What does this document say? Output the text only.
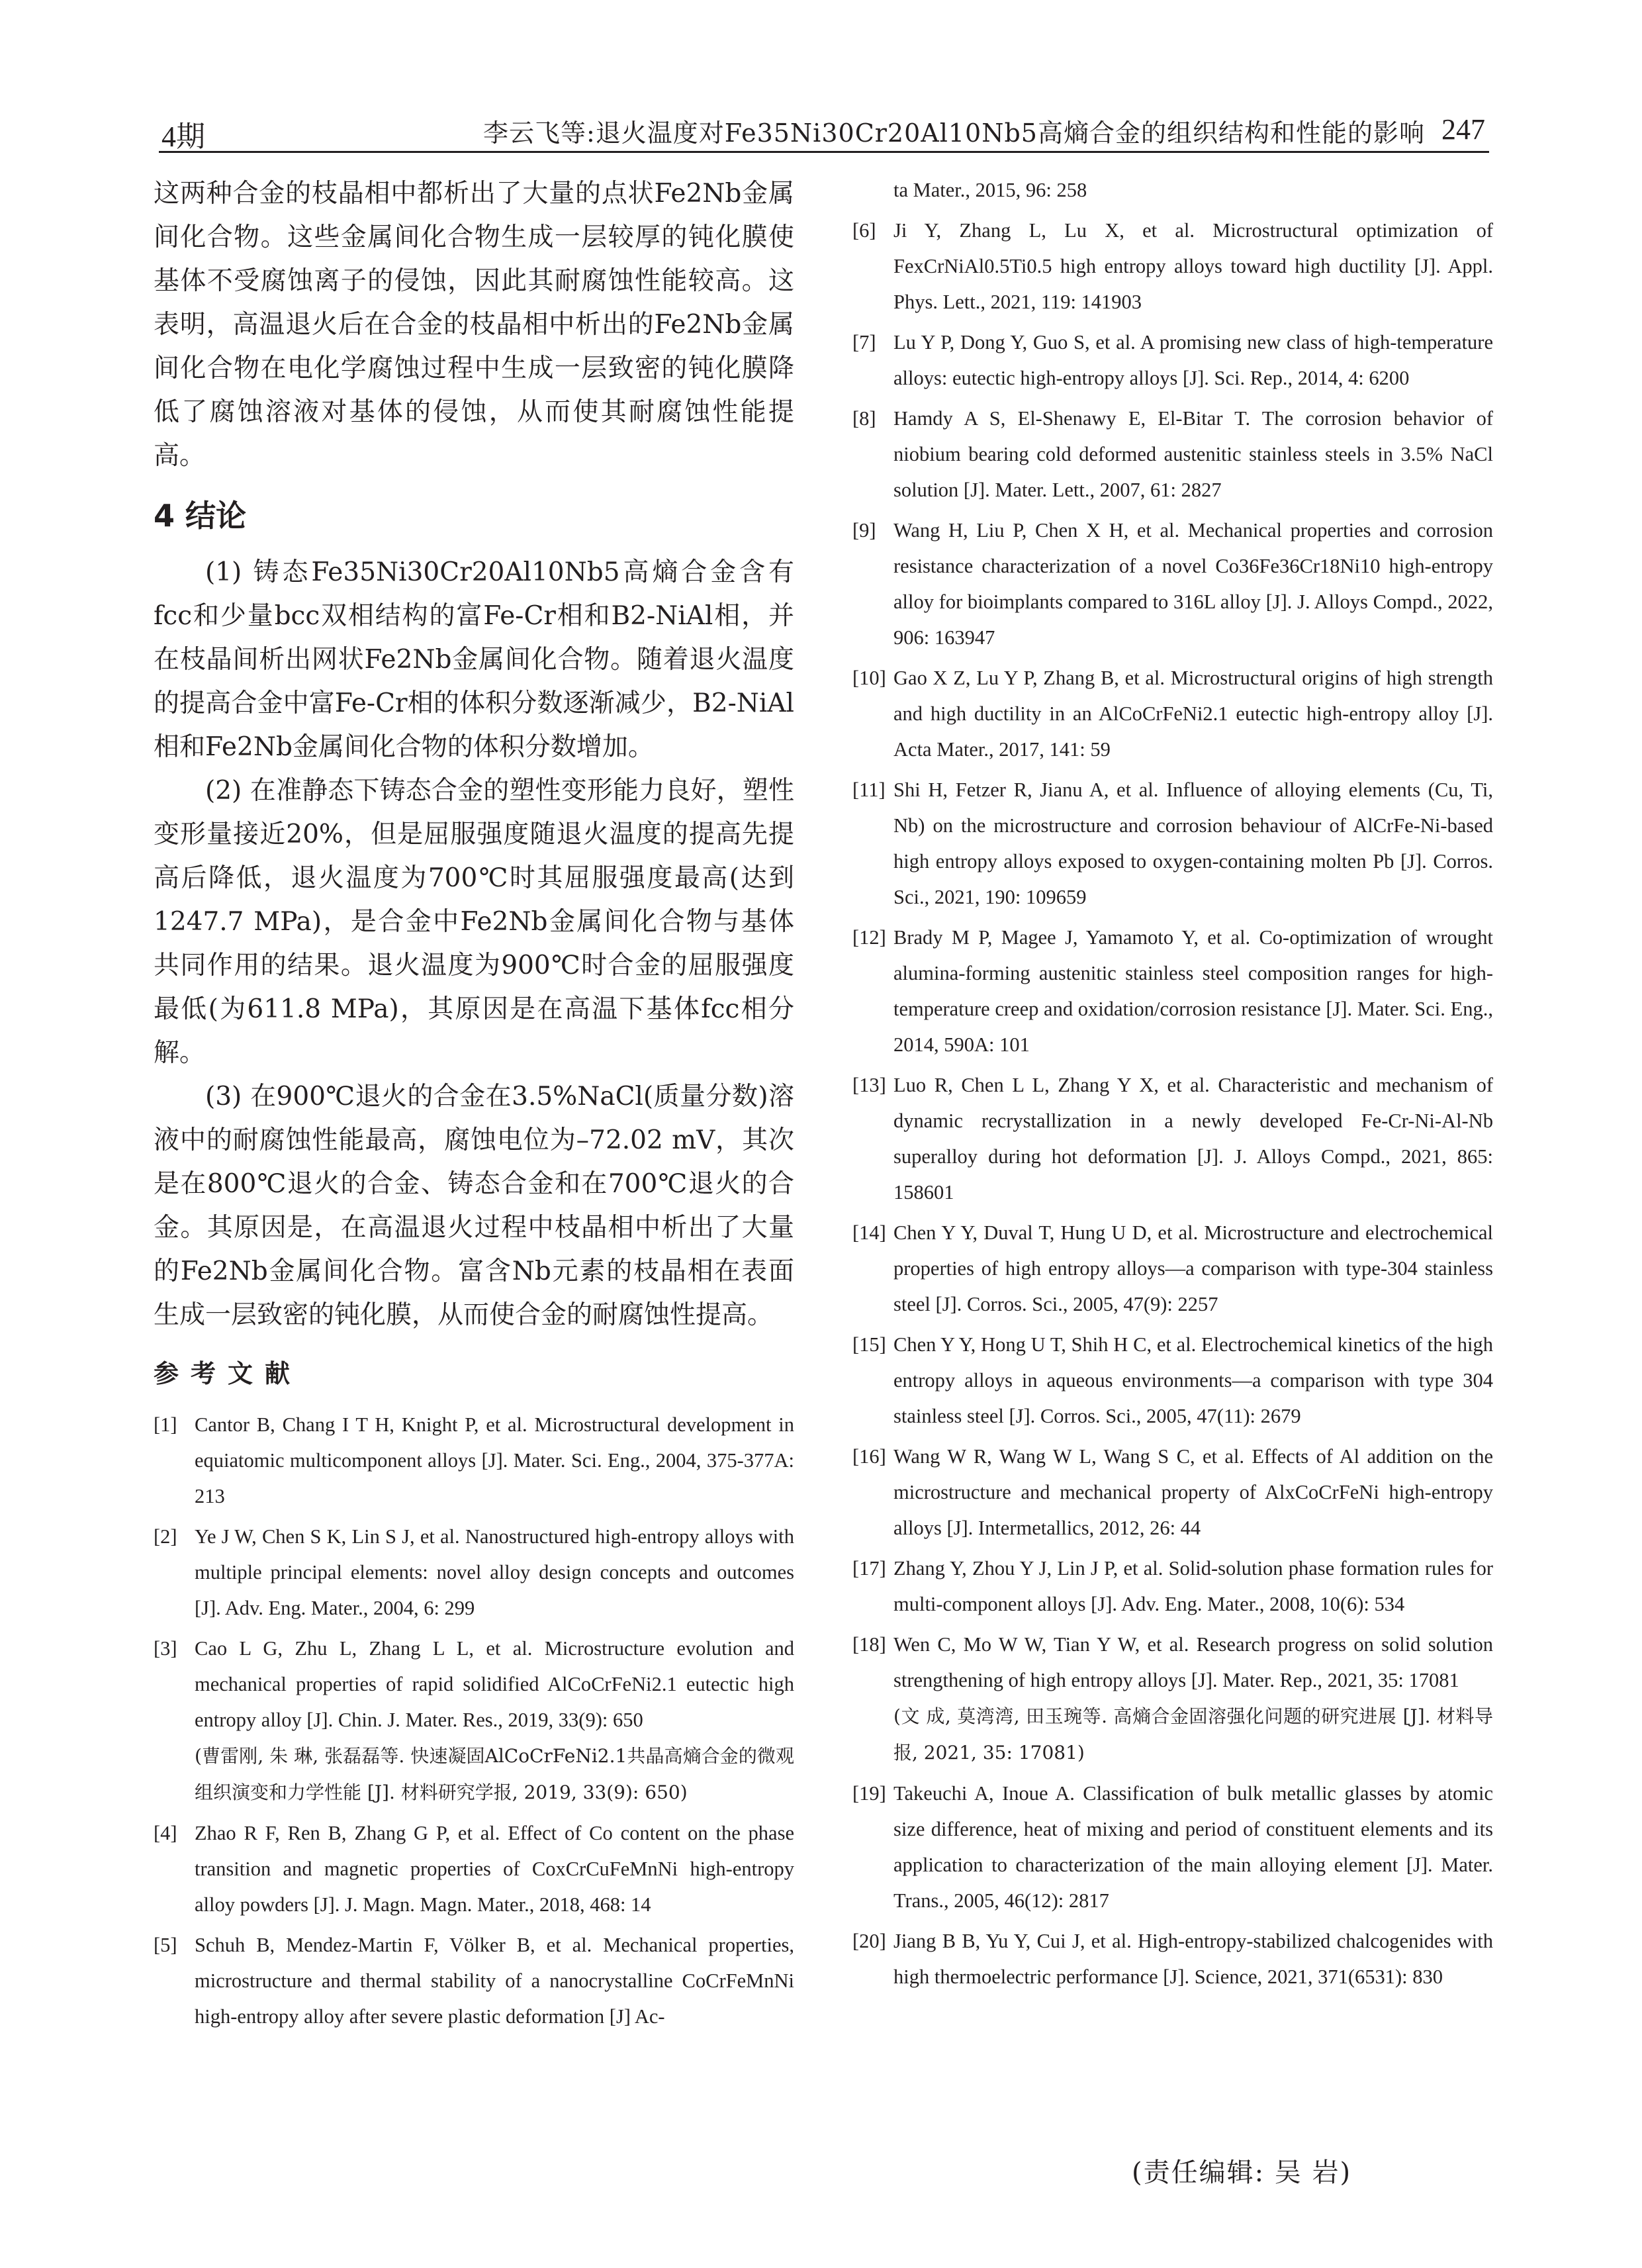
4期	李云飞等:退火温度对Fe35Ni30Cr20Al10Nb5高熵合金的组织结构和性能的影响 247

这两种合金的枝晶相中都析出了大量的点状Fe2Nb金属间化合物。这些金属间化合物生成一层较厚的钝化膜使基体不受腐蚀离子的侵蚀，因此其耐腐蚀性能较高。这表明，高温退火后在合金的枝晶相中析出的Fe2Nb金属间化合物在电化学腐蚀过程中生成一层致密的钝化膜降低了腐蚀溶液对基体的侵蚀，从而使其耐腐蚀性能提高。

4 结论

(1) 铸态Fe35Ni30Cr20Al10Nb5高熵合金含有fcc和少量bcc双相结构的富Fe-Cr相和B2-NiAl相，并在枝晶间析出网状Fe2Nb金属间化合物。随着退火温度的提高合金中富Fe-Cr相的体积分数逐渐减少，B2-NiAl相和Fe2Nb金属间化合物的体积分数增加。

(2) 在准静态下铸态合金的塑性变形能力良好，塑性变形量接近20%，但是屈服强度随退火温度的提高先提高后降低，退火温度为700℃时其屈服强度最高(达到1247.7 MPa)，是合金中Fe2Nb金属间化合物与基体共同作用的结果。退火温度为900℃时合金的屈服强度最低(为611.8 MPa)，其原因是在高温下基体fcc相分解。

(3) 在900℃退火的合金在3.5%NaCl(质量分数)溶液中的耐腐蚀性能最高，腐蚀电位为–72.02 mV，其次是在800℃退火的合金、铸态合金和在700℃退火的合金。其原因是，在高温退火过程中枝晶相中析出了大量的Fe2Nb金属间化合物。富含Nb元素的枝晶相在表面生成一层致密的钝化膜，从而使合金的耐腐蚀性提高。

参考文献
[1] Cantor B, Chang I T H, Knight P, et al. Microstructural development in equiatomic multicomponent alloys [J]. Mater. Sci. Eng., 2004, 375-377A: 213
[2] Ye J W, Chen S K, Lin S J, et al. Nanostructured high-entropy alloys with multiple principal elements: novel alloy design concepts and outcomes [J]. Adv. Eng. Mater., 2004, 6: 299
[3] Cao L G, Zhu L, Zhang L L, et al. Microstructure evolution and mechanical properties of rapid solidified AlCoCrFeNi2.1 eutectic high entropy alloy [J]. Chin. J. Mater. Res., 2019, 33(9): 650
(曹雷刚, 朱 琳, 张磊磊等. 快速凝固AlCoCrFeNi2.1共晶高熵合金的微观组织演变和力学性能 [J]. 材料研究学报, 2019, 33(9): 650)
[4] Zhao R F, Ren B, Zhang G P, et al. Effect of Co content on the phase transition and magnetic properties of CoxCrCuFeMnNi high-entropy alloy powders [J]. J. Magn. Magn. Mater., 2018, 468: 14
[5] Schuh B, Mendez-Martin F, Völker B, et al. Mechanical properties, microstructure and thermal stability of a nanocrystalline CoCrFeMnNi high-entropy alloy after severe plastic deformation [J] Ac-
ta Mater., 2015, 96: 258
[6] Ji Y, Zhang L, Lu X, et al. Microstructural optimization of FexCrNiAl0.5Ti0.5 high entropy alloys toward high ductility [J]. Appl. Phys. Lett., 2021, 119: 141903
[7] Lu Y P, Dong Y, Guo S, et al. A promising new class of high-temperature alloys: eutectic high-entropy alloys [J]. Sci. Rep., 2014, 4: 6200
[8] Hamdy A S, El-Shenawy E, El-Bitar T. The corrosion behavior of niobium bearing cold deformed austenitic stainless steels in 3.5% NaCl solution [J]. Mater. Lett., 2007, 61: 2827
[9] Wang H, Liu P, Chen X H, et al. Mechanical properties and corrosion resistance characterization of a novel Co36Fe36Cr18Ni10 high-entropy alloy for bioimplants compared to 316L alloy [J]. J. Alloys Compd., 2022, 906: 163947
[10] Gao X Z, Lu Y P, Zhang B, et al. Microstructural origins of high strength and high ductility in an AlCoCrFeNi2.1 eutectic high-entropy alloy [J]. Acta Mater., 2017, 141: 59
[11] Shi H, Fetzer R, Jianu A, et al. Influence of alloying elements (Cu, Ti, Nb) on the microstructure and corrosion behaviour of AlCrFe-Ni-based high entropy alloys exposed to oxygen-containing molten Pb [J]. Corros. Sci., 2021, 190: 109659
[12] Brady M P, Magee J, Yamamoto Y, et al. Co-optimization of wrought alumina-forming austenitic stainless steel composition ranges for high-temperature creep and oxidation/corrosion resistance [J]. Mater. Sci. Eng., 2014, 590A: 101
[13] Luo R, Chen L L, Zhang Y X, et al. Characteristic and mechanism of dynamic recrystallization in a newly developed Fe-Cr-Ni-Al-Nb superalloy during hot deformation [J]. J. Alloys Compd., 2021, 865: 158601
[14] Chen Y Y, Duval T, Hung U D, et al. Microstructure and electrochemical properties of high entropy alloys—a comparison with type-304 stainless steel [J]. Corros. Sci., 2005, 47(9): 2257
[15] Chen Y Y, Hong U T, Shih H C, et al. Electrochemical kinetics of the high entropy alloys in aqueous environments—a comparison with type 304 stainless steel [J]. Corros. Sci., 2005, 47(11): 2679
[16] Wang W R, Wang W L, Wang S C, et al. Effects of Al addition on the microstructure and mechanical property of AlxCoCrFeNi high-entropy alloys [J]. Intermetallics, 2012, 26: 44
[17] Zhang Y, Zhou Y J, Lin J P, et al. Solid-solution phase formation rules for multi-component alloys [J]. Adv. Eng. Mater., 2008, 10(6): 534
[18] Wen C, Mo W W, Tian Y W, et al. Research progress on solid solution strengthening of high entropy alloys [J]. Mater. Rep., 2021, 35: 17081
(文 成, 莫湾湾, 田玉琬等. 高熵合金固溶强化问题的研究进展 [J]. 材料导报, 2021, 35: 17081)
[19] Takeuchi A, Inoue A. Classification of bulk metallic glasses by atomic size difference, heat of mixing and period of constituent elements and its application to characterization of the main alloying element [J]. Mater. Trans., 2005, 46(12): 2817
[20] Jiang B B, Yu Y, Cui J, et al. High-entropy-stabilized chalcogenides with high thermoelectric performance [J]. Science, 2021, 371(6531): 830
(责任编辑: 吴 岩)
